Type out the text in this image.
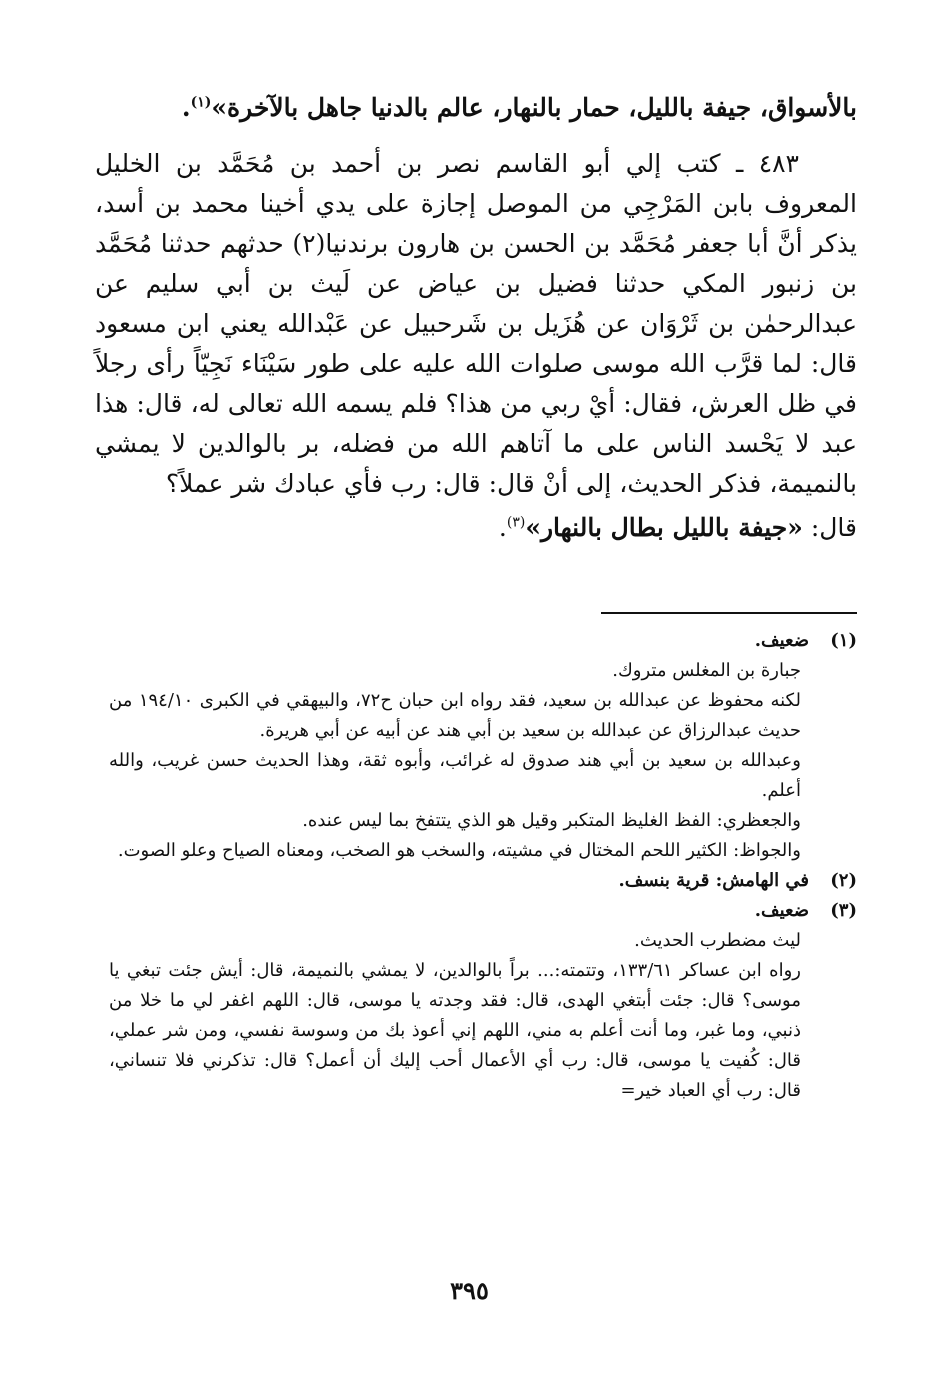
بالأسواق، جيفة بالليل، حمار بالنهار، عالم بالدنيا جاهل بالآخرة»$^{(١)}$.

٤٨٣ ـ كتب إلي أبو القاسم نصر بن أحمد بن مُحَمَّد بن الخليل المعروف بابن المَرْجِي من الموصل إجازة على يدي أخينا محمد بن أسد، يذكر أنَّ أبا جعفر مُحَمَّد بن الحسن بن هارون برندنيا(٢) حدثهم حدثنا مُحَمَّد بن زنبور المكي حدثنا فضيل بن عياض عن لَيث بن أبي سليم عن عبدالرحمٰن بن ثَرْوَان عن هُزَيل بن شَرحبيل عن عَبْدالله يعني ابن مسعود قال: لما قرَّب الله موسى صلوات الله عليه على طور سَيْنَاء نَجِيّاً رأى رجلاً في ظل العرش، فقال: أيْ ربي من هذا؟ فلم يسمه الله تعالى له، قال: هذا عبد لا يَحْسد الناس على ما آتاهم الله من فضله، بر بالوالدين لا يمشي بالنميمة، فذكر الحديث، إلى أنْ قال: قال: رب فأي عبادك شر عملاً؟

قال: «جيفة بالليل بطال بالنهار»$^{(٣)}$.

(١)
ضعيف.

جبارة بن المغلس متروك.

لكنه محفوظ عن عبدالله بن سعيد، فقد رواه ابن حبان ح٧٢، والبيهقي في الكبرى ١٩٤/١٠ من حديث عبدالرزاق عن عبدالله بن سعيد بن أبي هند عن أبيه عن أبي هريرة.

وعبدالله بن سعيد بن أبي هند صدوق له غرائب، وأبوه ثقة، وهذا الحديث حسن غريب، والله أعلم.

والجعظري: الفظ الغليظ المتكبر وقيل هو الذي يتتفخ بما ليس عنده.

والجواظ: الكثير اللحم المختال في مشيته، والسخب هو الصخب، ومعناه الصياح وعلو الصوت.

(٢)
في الهامش: قرية بنسف.

(٣)
ضعيف.

ليث مضطرب الحديث.

رواه ابن عساكر ١٣٣/٦١، وتتمته:... براً بالوالدين، لا يمشي بالنميمة، قال: أيش جئت تبغي يا موسى؟ قال: جئت أبتغي الهدى، قال: فقد وجدته يا موسى، قال: اللهم اغفر لي ما خلا من ذنبي، وما غبر، وما أنت أعلم به مني، اللهم إني أعوذ بك من وسوسة نفسي، ومن شر عملي، قال: كُفيت يا موسى، قال: رب أي الأعمال أحب إليك أن أعمل؟ قال: تذكرني فلا تنساني، قال: رب أي العباد خير=

٣٩٥
